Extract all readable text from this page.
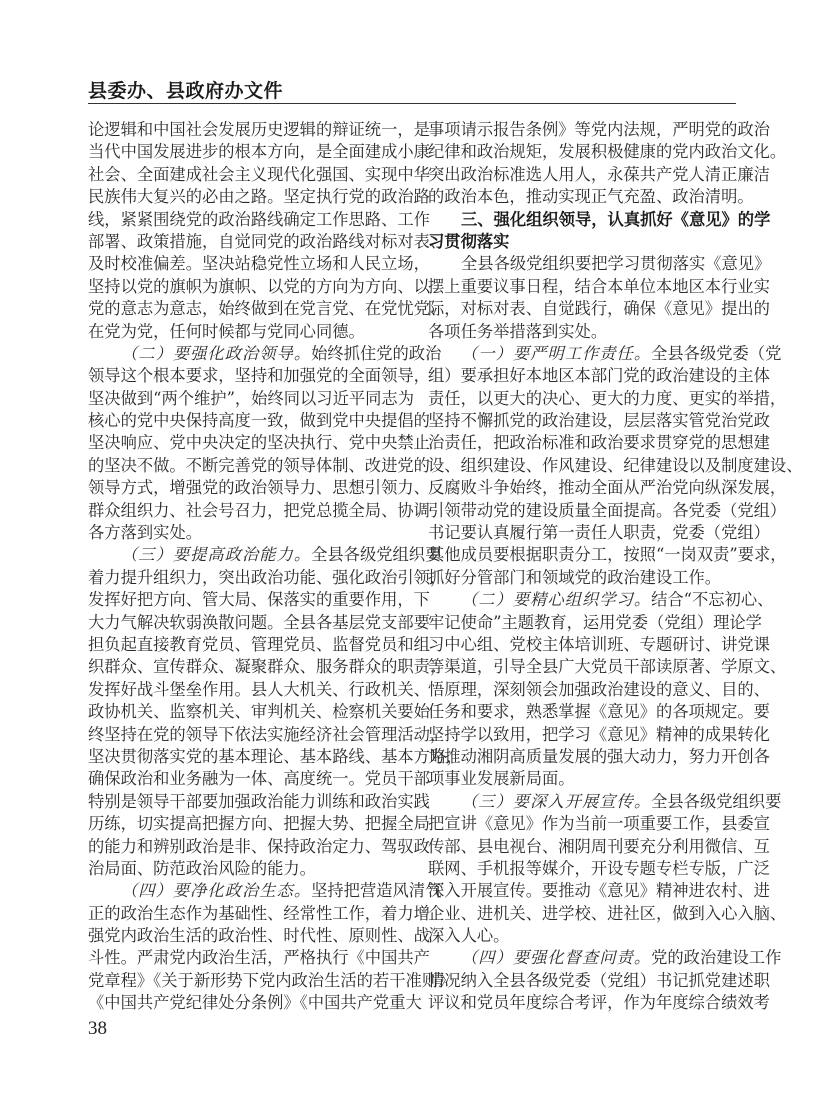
县委办、县政府办文件
论逻辑和中国社会发展历史逻辑的辩证统一，是
当代中国发展进步的根本方向，是全面建成小康
社会、全面建成社会主义现代化强国、实现中华
民族伟大复兴的必由之路。坚定执行党的政治路
线，紧紧围绕党的政治路线确定工作思路、工作
部署、政策措施，自觉同党的政治路线对标对表、
及时校准偏差。坚决站稳党性立场和人民立场，
坚持以党的旗帜为旗帜、以党的方向为方向、以
党的意志为意志，始终做到在党言党、在党忧党、
在党为党，任何时候都与党同心同德。
（二）要强化政治领导。始终抓住党的政治
领导这个根本要求，坚持和加强党的全面领导，
坚决做到“两个维护”，始终同以习近平同志为
核心的党中央保持高度一致，做到党中央提倡的
坚决响应、党中央决定的坚决执行、党中央禁止
的坚决不做。不断完善党的领导体制、改进党的
领导方式，增强党的政治领导力、思想引领力、
群众组织力、社会号召力，把党总揽全局、协调
各方落到实处。
（三）要提高政治能力。全县各级党组织要
着力提升组织力，突出政治功能、强化政治引领，
发挥好把方向、管大局、保落实的重要作用，下
大力气解决软弱涣散问题。全县各基层党支部要
担负起直接教育党员、管理党员、监督党员和组
织群众、宣传群众、凝聚群众、服务群众的职责，
发挥好战斗堡垒作用。县人大机关、行政机关、
政协机关、监察机关、审判机关、检察机关要始
终坚持在党的领导下依法实施经济社会管理活动，
坚决贯彻落实党的基本理论、基本路线、基本方略，
确保政治和业务融为一体、高度统一。党员干部
特别是领导干部要加强政治能力训练和政治实践
历练，切实提高把握方向、把握大势、把握全局
的能力和辨别政治是非、保持政治定力、驾驭政
治局面、防范政治风险的能力。
（四）要净化政治生态。坚持把营造风清气
正的政治生态作为基础性、经常性工作，着力增
强党内政治生活的政治性、时代性、原则性、战
斗性。严肃党内政治生活，严格执行《中国共产
党章程》《关于新形势下党内政治生活的若干准则》
《中国共产党纪律处分条例》《中国共产党重大
事项请示报告条例》等党内法规，严明党的政治
纪律和政治规矩，发展积极健康的党内政治文化。
突出政治标准选人用人，永葆共产党人清正廉洁
的政治本色，推动实现正气充盈、政治清明。
三、强化组织领导，认真抓好《意见》的学
习贯彻落实
全县各级党组织要把学习贯彻落实《意见》
摆上重要议事日程，结合本单位本地区本行业实
际，对标对表、自觉践行，确保《意见》提出的
各项任务举措落到实处。
（一）要严明工作责任。全县各级党委（党
组）要承担好本地区本部门党的政治建设的主体
责任，以更大的决心、更大的力度、更实的举措，
坚持不懈抓党的政治建设，层层落实管党治党政
治责任，把政治标准和政治要求贯穿党的思想建
设、组织建设、作风建设、纪律建设以及制度建设、
反腐败斗争始终，推动全面从严治党向纵深发展，
引领带动党的建设质量全面提高。各党委（党组）
书记要认真履行第一责任人职责，党委（党组）
其他成员要根据职责分工，按照“一岗双责”要求，
抓好分管部门和领域党的政治建设工作。
（二）要精心组织学习。结合“不忘初心、
牢记使命”主题教育，运用党委（党组）理论学
习中心组、党校主体培训班、专题研讨、讲党课
等渠道，引导全县广大党员干部读原著、学原文、
悟原理，深刻领会加强政治建设的意义、目的、
任务和要求，熟悉掌握《意见》的各项规定。要
坚持学以致用，把学习《意见》精神的成果转化
为推动湘阴高质量发展的强大动力，努力开创各
项事业发展新局面。
（三）要深入开展宣传。全县各级党组织要
把宣讲《意见》作为当前一项重要工作，县委宣
传部、县电视台、湘阴周刊要充分利用微信、互
联网、手机报等媒介，开设专题专栏专版，广泛
深入开展宣传。要推动《意见》精神进农村、进
企业、进机关、进学校、进社区，做到入心入脑、
深入人心。
（四）要强化督查问责。党的政治建设工作
情况纳入全县各级党委（党组）书记抓党建述职
评议和党员年度综合考评，作为年度综合绩效考
38
